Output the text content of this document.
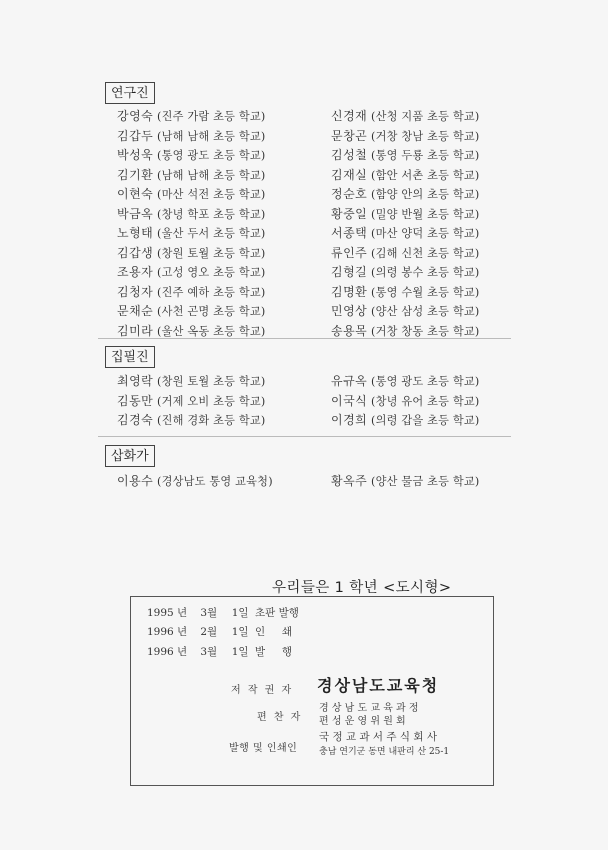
연구진
강영숙 (진주 가람 초등 학교)
김갑두 (남해 남해 초등 학교)
박성욱 (통영 광도 초등 학교)
김기환 (남해 남해 초등 학교)
이현숙 (마산 석전 초등 학교)
박금옥 (창녕 학포 초등 학교)
노형태 (울산 두서 초등 학교)
김갑생 (창원 토월 초등 학교)
조용자 (고성 영오 초등 학교)
김청자 (진주 예하 초등 학교)
문채순 (사천 곤명 초등 학교)
김미라 (울산 옥동 초등 학교)
신경재 (산청 지품 초등 학교)
문창곤 (거창 창남 초등 학교)
김성철 (통영 두룡 초등 학교)
김재실 (함안 서촌 초등 학교)
정순호 (함양 안의 초등 학교)
황중일 (밀양 반월 초등 학교)
서종택 (마산 양덕 초등 학교)
류인주 (김해 신천 초등 학교)
김형길 (의령 봉수 초등 학교)
김명환 (통영 수월 초등 학교)
민영상 (양산 삼성 초등 학교)
송용목 (거창 창동 초등 학교)
집필진
최영락 (창원 토월 초등 학교)
김동만 (거제 오비 초등 학교)
김경숙 (진해 경화 초등 학교)
유규옥 (통영 광도 초등 학교)
이국식 (창녕 유어 초등 학교)
이경희 (의령 갑을 초등 학교)
삽화가
이용수 (경상남도 통영 교육청)	황옥주 (양산 물금 초등 학교)
우리들은 1 학년 <도시형>
1995 년 3월 1일 초판 발행
1996 년 2월 1일 인     쇄
1996 년 3월 1일 발     행
저 작 권 자 경상남도교육청
편 찬 자
경 상 남 도 교 육 과 정
편 성 운 영 위 원 회
발행 및 인쇄인
국 정 교 과 서 주 식 회 사
충남 연기군 동면 내판리 산 25-1
